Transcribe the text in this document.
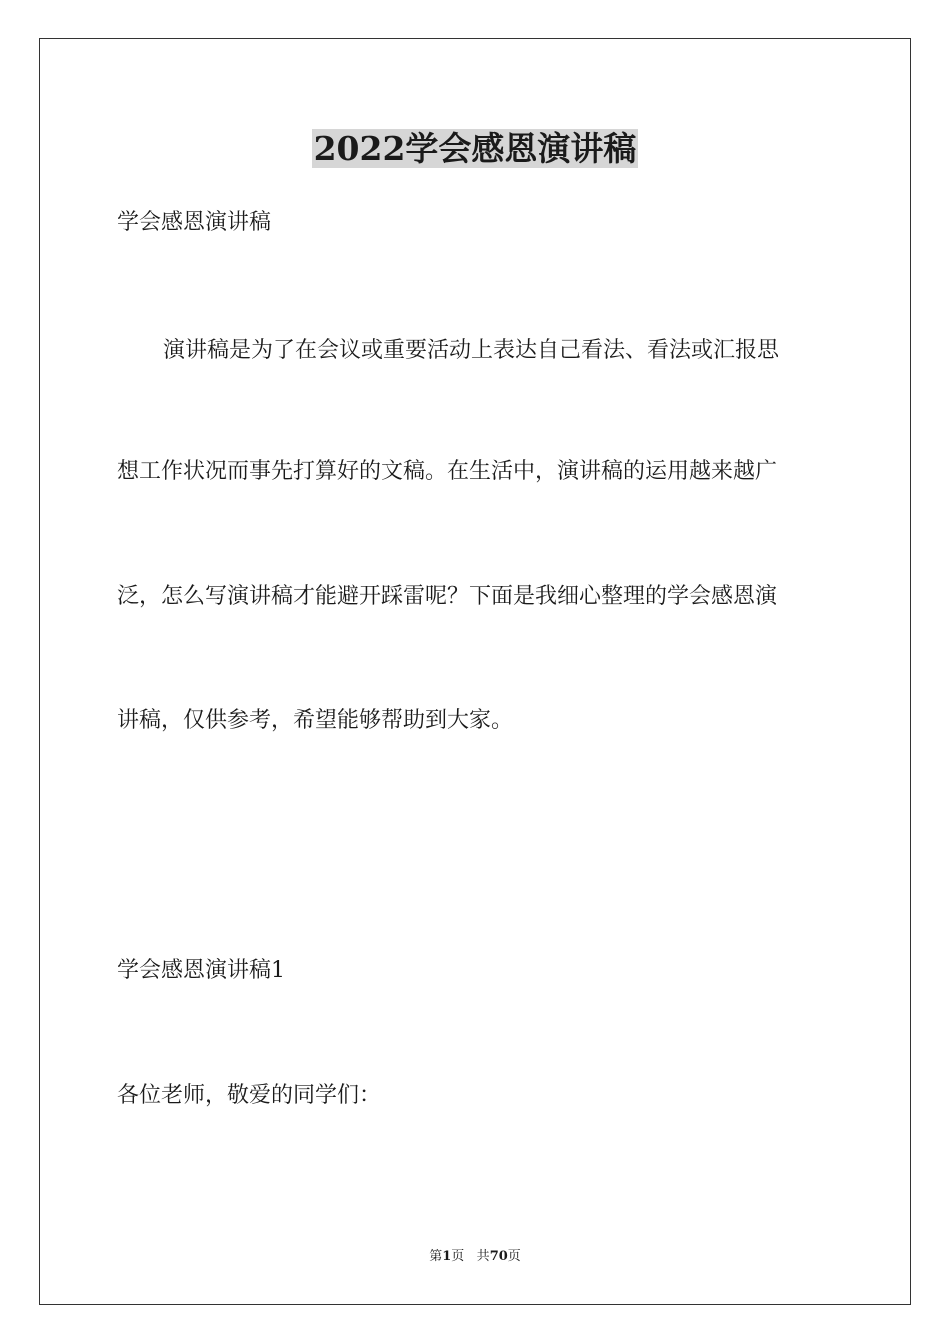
2022学会感恩演讲稿

学会感恩演讲稿

演讲稿是为了在会议或重要活动上表达自己看法、看法或汇报思

想工作状况而事先打算好的文稿。在生活中，演讲稿的运用越来越广

泛，怎么写演讲稿才能避开踩雷呢？下面是我细心整理的学会感恩演

讲稿，仅供参考，希望能够帮助到大家。

学会感恩演讲稿1

各位老师，敬爱的同学们：

第1页 共70页
